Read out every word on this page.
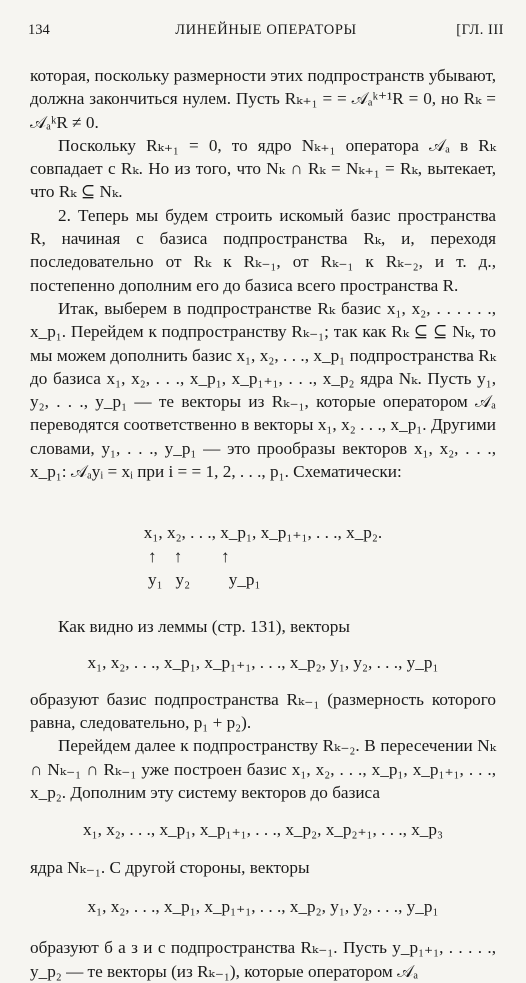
134	ЛИНЕЙНЫЕ ОПЕРАТОРЫ	[ГЛ. III

которая, поскольку размерности этих подпространств убывают, должна закончиться нулем. Пусть Rₖ₊₁ = = 𝒜ₐᵏ⁺¹R = 0, но Rₖ = 𝒜ₐᵏR ≠ 0.

Поскольку Rₖ₊₁ = 0, то ядро Nₖ₊₁ оператора 𝒜ₐ в Rₖ совпадает с Rₖ. Но из того, что Nₖ ∩ Rₖ = Nₖ₊₁ = Rₖ, вытекает, что Rₖ ⊆ Nₖ.

2. Теперь мы будем строить искомый базис пространства R, начиная с базиса подпространства Rₖ, и, переходя последовательно от Rₖ к Rₖ₋₁, от Rₖ₋₁ к Rₖ₋₂, и т. д., постепенно дополним его до базиса всего пространства R.

Итак, выберем в подпространстве Rₖ базис x₁, x₂, . . . . . ., x_p₁. Перейдем к подпространству Rₖ₋₁; так как Rₖ ⊆ ⊆ Nₖ, то мы можем дополнить базис x₁, x₂, . . ., x_p₁ подпространства Rₖ до базиса x₁, x₂, . . ., x_p₁, x_p₁₊₁, . . ., x_p₂ ядра Nₖ. Пусть y₁, y₂, . . ., y_p₁ — те векторы из Rₖ₋₁, которые оператором 𝒜ₐ переводятся соответственно в векторы x₁, x₂ . . ., x_p₁. Другими словами, y₁, . . ., y_p₁ — это прообразы векторов x₁, x₂, . . ., x_p₁: 𝒜ₐyᵢ = xᵢ при i = = 1, 2, . . ., p₁. Схематически:

x₁, x₂, . . ., x_p₁, x_p₁₊₁, . . ., x_p₂.
↑    ↑         ↑
y₁   y₂         y_p₁

Как видно из леммы (стр. 131), векторы

x₁, x₂, . . ., x_p₁, x_p₁₊₁, . . ., x_p₂, y₁, y₂, . . ., y_p₁

образуют базис подпространства Rₖ₋₁ (размерность которого равна, следовательно, p₁ + p₂).

Перейдем далее к подпространству Rₖ₋₂. В пересечении Nₖ ∩ Nₖ₋₁ ∩ Rₖ₋₁ уже построен базис x₁, x₂, . . ., x_p₁, x_p₁₊₁, . . ., x_p₂. Дополним эту систему векторов до базиса

x₁, x₂, . . ., x_p₁, x_p₁₊₁, . . ., x_p₂, x_p₂₊₁, . . ., x_p₃

ядра Nₖ₋₁. С другой стороны, векторы

x₁, x₂, . . ., x_p₁, x_p₁₊₁, . . ., x_p₂, y₁, y₂, . . ., y_p₁

образуют б а з и с подпространства Rₖ₋₁. Пусть y_p₁₊₁, . . . . ., y_p₂ — те векторы (из Rₖ₋₁), которые оператором 𝒜ₐ
